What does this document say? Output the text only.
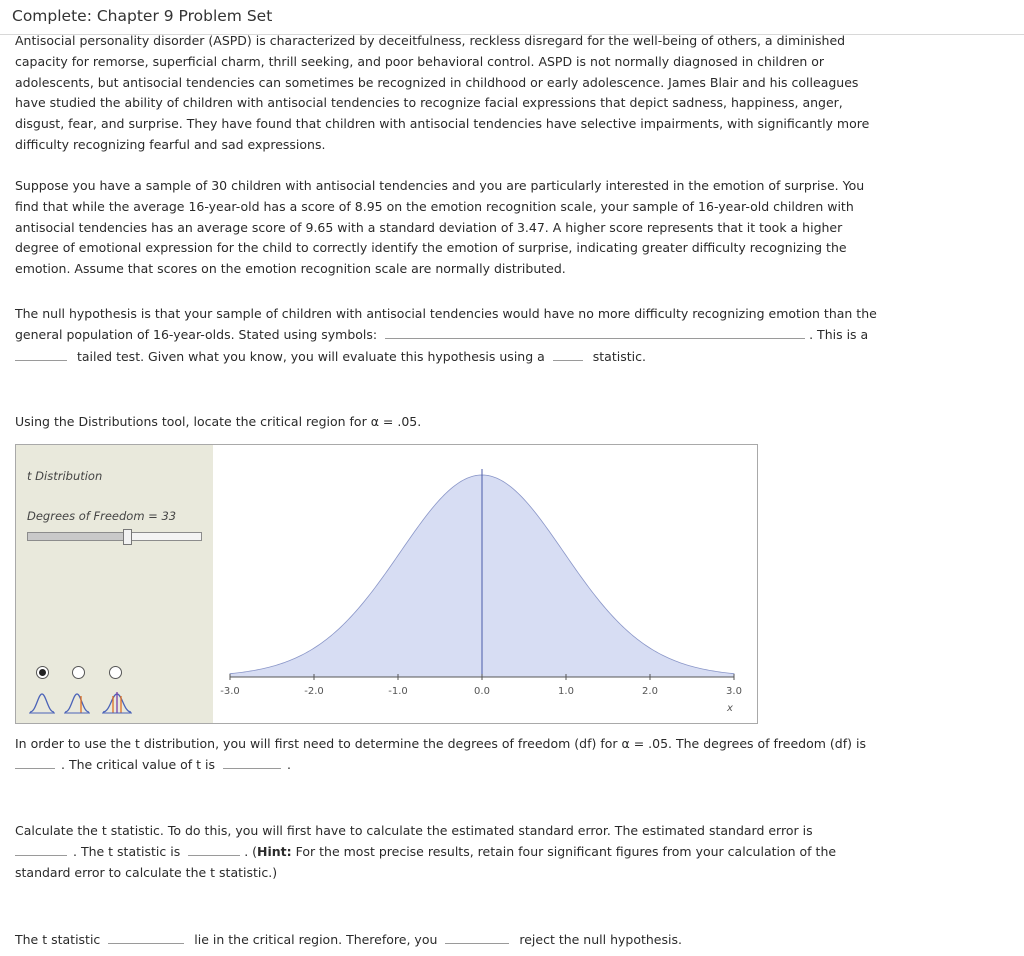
Complete: Chapter 9 Problem Set
Antisocial personality disorder (ASPD) is characterized by deceitfulness, reckless disregard for the well-being of others, a diminished capacity for remorse, superficial charm, thrill seeking, and poor behavioral control. ASPD is not normally diagnosed in children or adolescents, but antisocial tendencies can sometimes be recognized in childhood or early adolescence. James Blair and his colleagues have studied the ability of children with antisocial tendencies to recognize facial expressions that depict sadness, happiness, anger, disgust, fear, and surprise. They have found that children with antisocial tendencies have selective impairments, with significantly more difficulty recognizing fearful and sad expressions.
Suppose you have a sample of 30 children with antisocial tendencies and you are particularly interested in the emotion of surprise. You find that while the average 16-year-old has a score of 8.95 on the emotion recognition scale, your sample of 16-year-old children with antisocial tendencies has an average score of 9.65 with a standard deviation of 3.47. A higher score represents that it took a higher degree of emotional expression for the child to correctly identify the emotion of surprise, indicating greater difficulty recognizing the emotion. Assume that scores on the emotion recognition scale are normally distributed.
The null hypothesis is that your sample of children with antisocial tendencies would have no more difficulty recognizing emotion than the general population of 16-year-olds. Stated using symbols:	. This is a
tailed test. Given what you know, you will evaluate this hypothesis using a	statistic.
Using the Distributions tool, locate the critical region for α = .05.
t Distribution
Degrees of Freedom = 33
-3.0	-2.0	-1.0	0.0	1.0	2.0	3.0
x
In order to use the t distribution, you will first need to determine the degrees of freedom (df) for α = .05. The degrees of freedom (df) is
. The critical value of t is	.
Calculate the t statistic. To do this, you will first have to calculate the estimated standard error. The estimated standard error is
. The t statistic is	. (Hint: For the most precise results, retain four significant figures from your calculation of the standard error to calculate the t statistic.)
The t statistic	lie in the critical region. Therefore, you	reject the null hypothesis.
